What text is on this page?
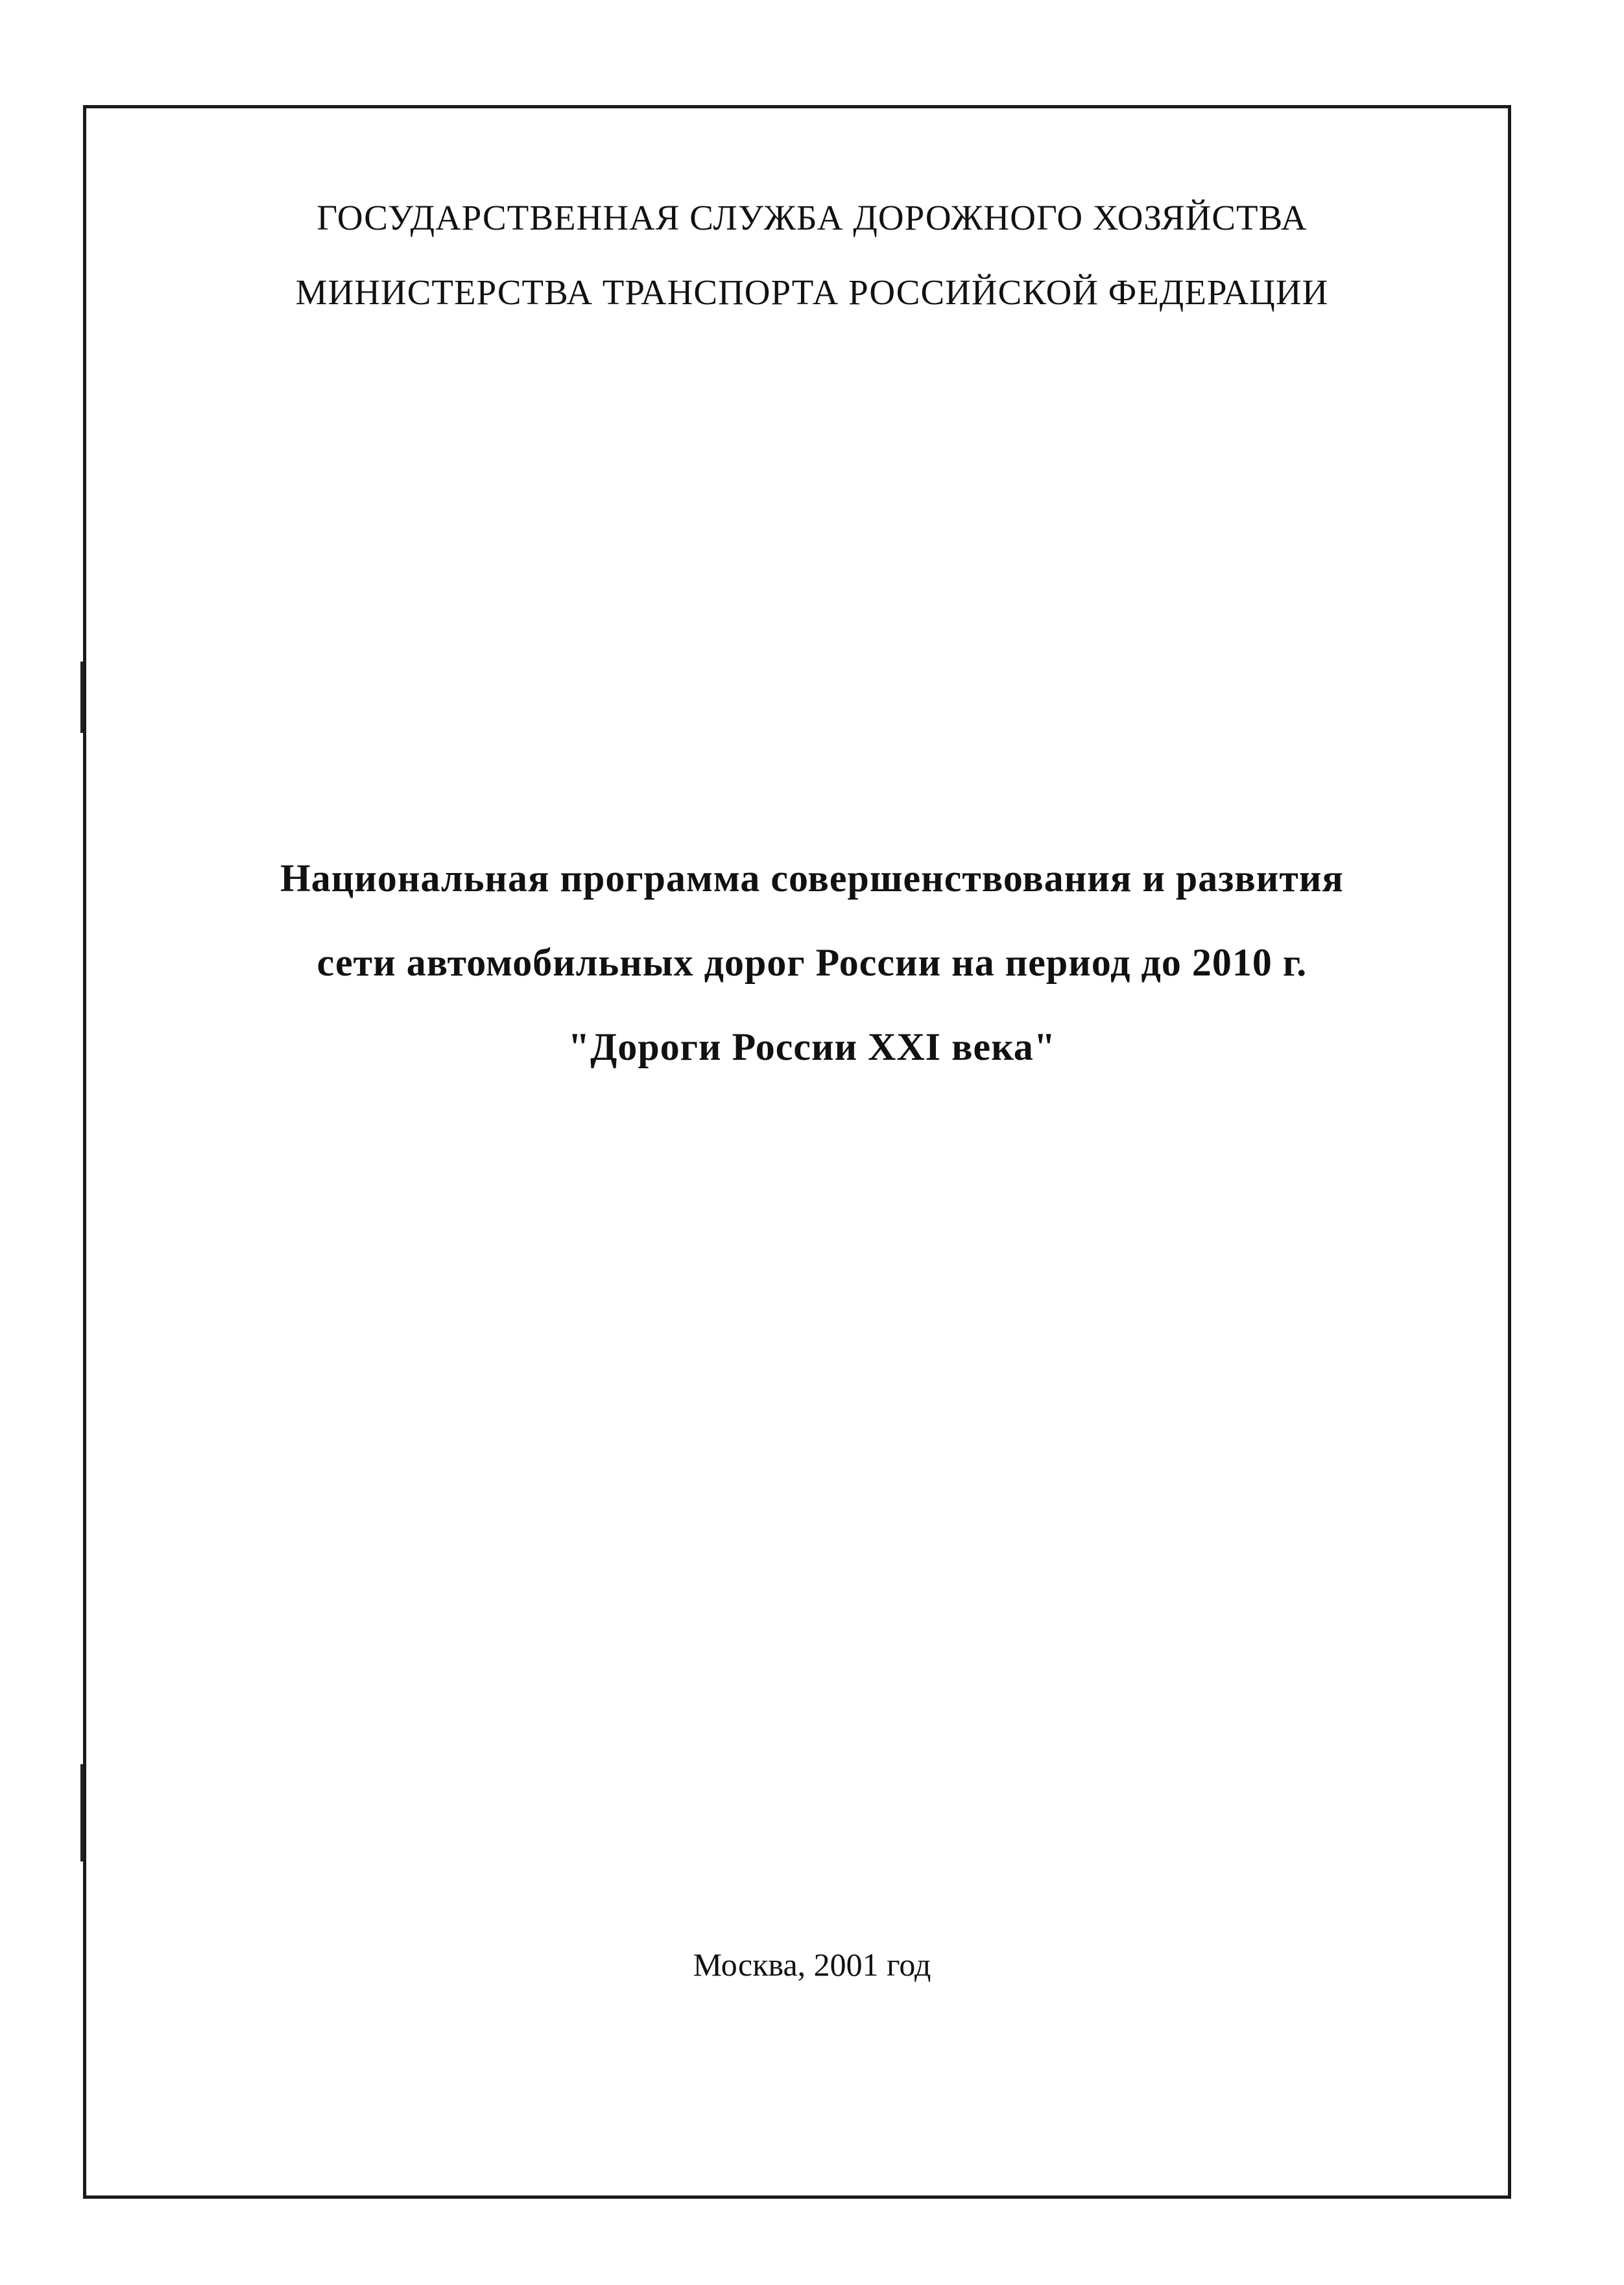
ГОСУДАРСТВЕННАЯ СЛУЖБА ДОРОЖНОГО ХОЗЯЙСТВА
МИНИСТЕРСТВА ТРАНСПОРТА РОССИЙСКОЙ ФЕДЕРАЦИИ
Национальная программа совершенствования и развития
сети автомобильных дорог России на период до 2010 г.
"Дороги России XXI века"
Москва, 2001 год
